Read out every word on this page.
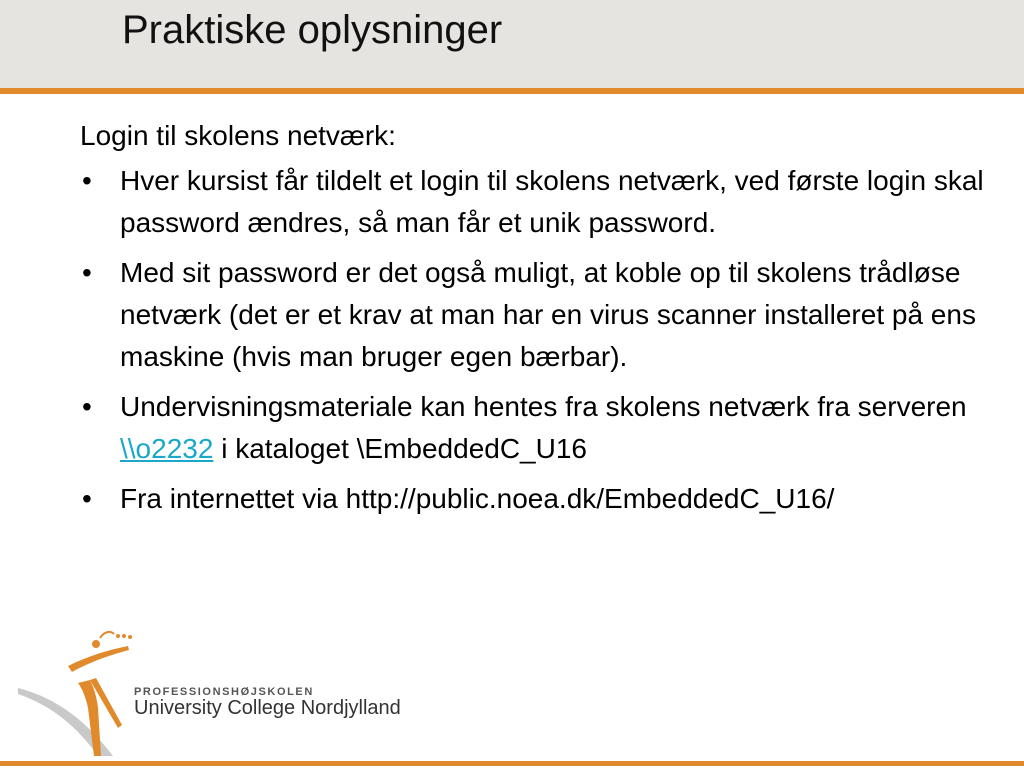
Praktiske oplysninger

Login til skolens netværk:

• Hver kursist får tildelt et login til skolens netværk, ved første login skal password ændres, så man får et unik password.
• Med sit password er det også muligt, at koble op til skolens trådløse netværk (det er et krav at man har en virus scanner installeret på ens maskine (hvis man bruger egen bærbar).
• Undervisningsmateriale kan hentes fra skolens netværk fra serveren \\o2232 i kataloget \EmbeddedC_U16
• Fra internettet via http://public.noea.dk/EmbeddedC_U16/
PROFESSIONSHØJSKOLEN
University College Nordjylland
